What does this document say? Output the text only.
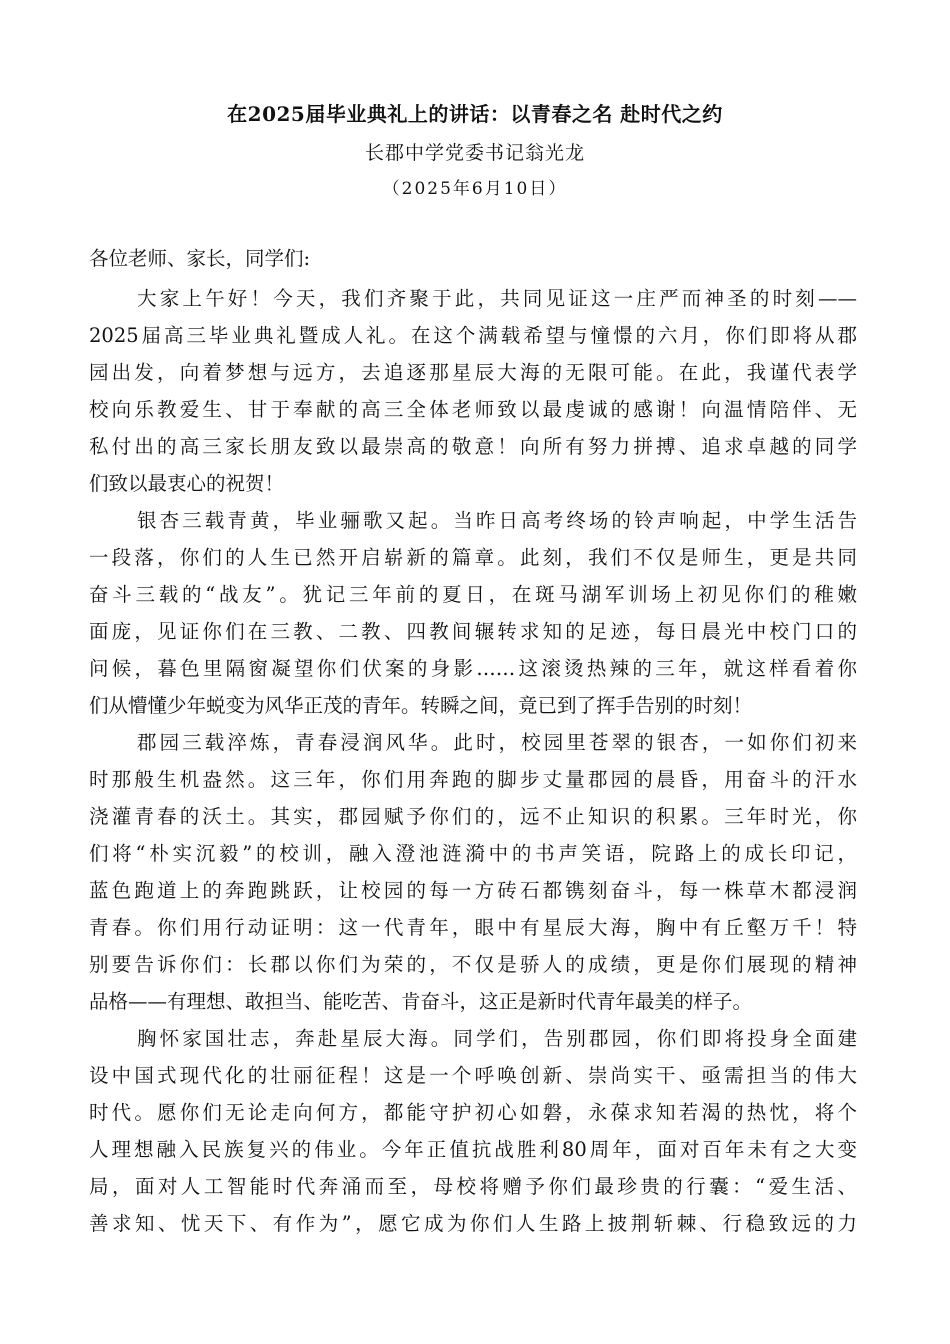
在2025届毕业典礼上的讲话：以青春之名 赴时代之约
长郡中学党委书记翁光龙
（2025年6月10日）
各位老师、家长，同学们:
大家上午好！今天，我们齐聚于此，共同见证这一庄严而神圣的时刻——
2025届高三毕业典礼暨成人礼。在这个满载希望与憧憬的六月，你们即将从郡
园出发，向着梦想与远方，去追逐那星辰大海的无限可能。在此，我谨代表学
校向乐教爱生、甘于奉献的高三全体老师致以最虔诚的感谢！向温情陪伴、无
私付出的高三家长朋友致以最崇高的敬意！向所有努力拼搏、追求卓越的同学
们致以最衷心的祝贺！
银杏三载青黄，毕业骊歌又起。当昨日高考终场的铃声响起，中学生活告
一段落，你们的人生已然开启崭新的篇章。此刻，我们不仅是师生，更是共同
奋斗三载的“战友”。犹记三年前的夏日，在斑马湖军训场上初见你们的稚嫩
面庞，见证你们在三教、二教、四教间辗转求知的足迹，每日晨光中校门口的
问候，暮色里隔窗凝望你们伏案的身影……这滚烫热辣的三年，就这样看着你
们从懵懂少年蜕变为风华正茂的青年。转瞬之间，竟已到了挥手告别的时刻！
郡园三载淬炼，青春浸润风华。此时，校园里苍翠的银杏，一如你们初来
时那般生机盎然。这三年，你们用奔跑的脚步丈量郡园的晨昏，用奋斗的汗水
浇灌青春的沃土。其实，郡园赋予你们的，远不止知识的积累。三年时光，你
们将“朴实沉毅”的校训，融入澄池涟漪中的书声笑语，院路上的成长印记，
蓝色跑道上的奔跑跳跃，让校园的每一方砖石都镌刻奋斗，每一株草木都浸润
青春。你们用行动证明：这一代青年，眼中有星辰大海，胸中有丘壑万千！特
别要告诉你们：长郡以你们为荣的，不仅是骄人的成绩，更是你们展现的精神
品格——有理想、敢担当、能吃苦、肯奋斗，这正是新时代青年最美的样子。
胸怀家国壮志，奔赴星辰大海。同学们，告别郡园，你们即将投身全面建
设中国式现代化的壮丽征程！这是一个呼唤创新、崇尚实干、亟需担当的伟大
时代。愿你们无论走向何方，都能守护初心如磐，永葆求知若渴的热忱，将个
人理想融入民族复兴的伟业。今年正值抗战胜利80周年，面对百年未有之大变
局，面对人工智能时代奔涌而至，母校将赠予你们最珍贵的行囊：“爱生活、
善求知、忧天下、有作为”，愿它成为你们人生路上披荆斩棘、行稳致远的力
